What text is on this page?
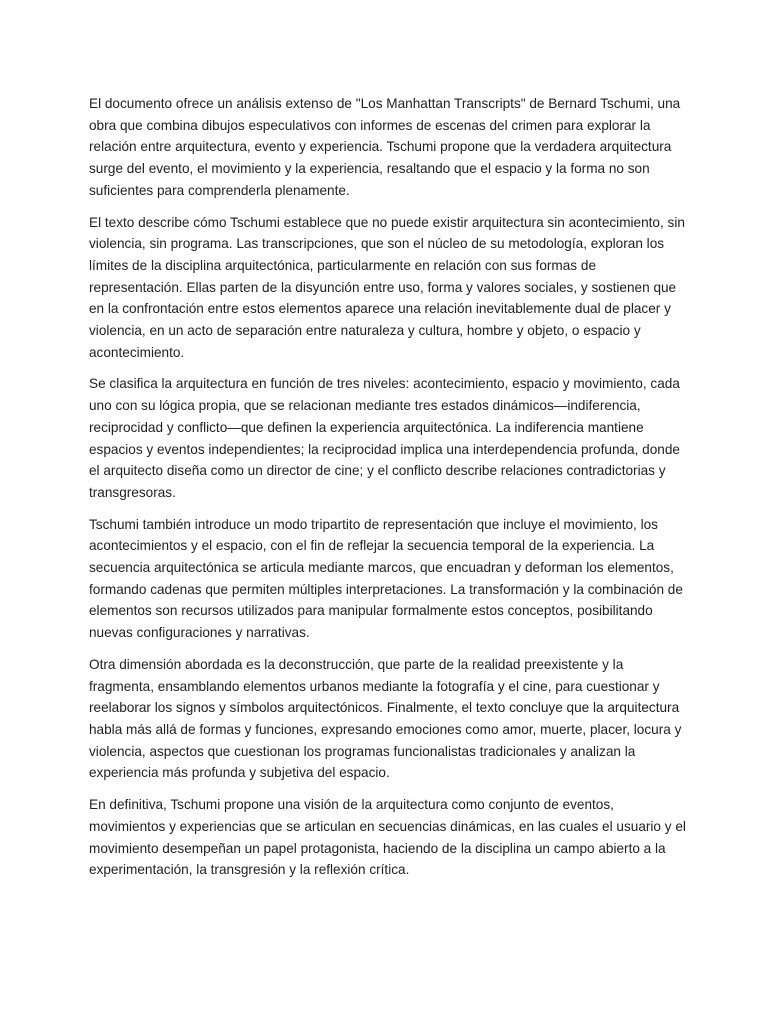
El documento ofrece un análisis extenso de "Los Manhattan Transcripts" de Bernard Tschumi, una obra que combina dibujos especulativos con informes de escenas del crimen para explorar la relación entre arquitectura, evento y experiencia. Tschumi propone que la verdadera arquitectura surge del evento, el movimiento y la experiencia, resaltando que el espacio y la forma no son suficientes para comprenderla plenamente.

El texto describe cómo Tschumi establece que no puede existir arquitectura sin acontecimiento, sin violencia, sin programa. Las transcripciones, que son el núcleo de su metodología, exploran los límites de la disciplina arquitectónica, particularmente en relación con sus formas de representación. Ellas parten de la disyunción entre uso, forma y valores sociales, y sostienen que en la confrontación entre estos elementos aparece una relación inevitablemente dual de placer y violencia, en un acto de separación entre naturaleza y cultura, hombre y objeto, o espacio y acontecimiento.

Se clasifica la arquitectura en función de tres niveles: acontecimiento, espacio y movimiento, cada uno con su lógica propia, que se relacionan mediante tres estados dinámicos—indiferencia, reciprocidad y conflicto—que definen la experiencia arquitectónica. La indiferencia mantiene espacios y eventos independientes; la reciprocidad implica una interdependencia profunda, donde el arquitecto diseña como un director de cine; y el conflicto describe relaciones contradictorias y transgresoras.

Tschumi también introduce un modo tripartito de representación que incluye el movimiento, los acontecimientos y el espacio, con el fin de reflejar la secuencia temporal de la experiencia. La secuencia arquitectónica se articula mediante marcos, que encuadran y deforman los elementos, formando cadenas que permiten múltiples interpretaciones. La transformación y la combinación de elementos son recursos utilizados para manipular formalmente estos conceptos, posibilitando nuevas configuraciones y narrativas.

Otra dimensión abordada es la deconstrucción, que parte de la realidad preexistente y la fragmenta, ensamblando elementos urbanos mediante la fotografía y el cine, para cuestionar y reelaborar los signos y símbolos arquitectónicos. Finalmente, el texto concluye que la arquitectura habla más allá de formas y funciones, expresando emociones como amor, muerte, placer, locura y violencia, aspectos que cuestionan los programas funcionalistas tradicionales y analizan la experiencia más profunda y subjetiva del espacio.

En definitiva, Tschumi propone una visión de la arquitectura como conjunto de eventos, movimientos y experiencias que se articulan en secuencias dinámicas, en las cuales el usuario y el movimiento desempeñan un papel protagonista, haciendo de la disciplina un campo abierto a la experimentación, la transgresión y la reflexión crítica.
